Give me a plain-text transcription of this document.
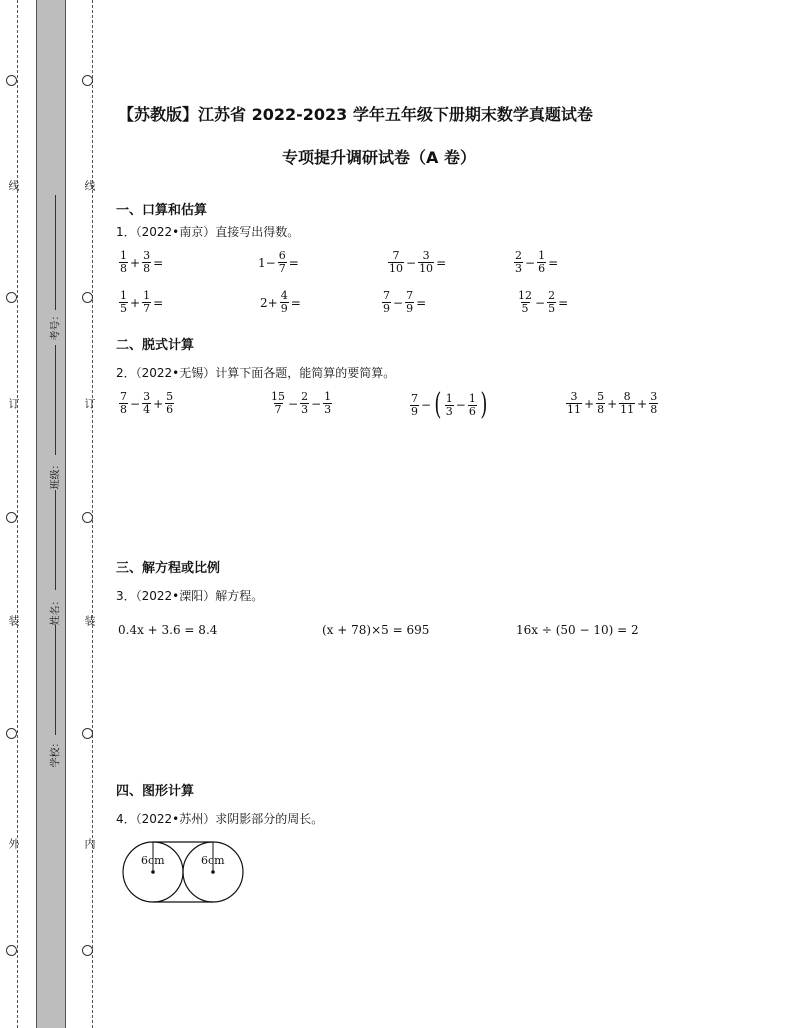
线
订
装
外
线
订
装
内
考号：
班级：
姓名：
学校：
【苏教版】江苏省 2022-2023 学年五年级下册期末数学真题试卷
专项提升调研试卷（A 卷）
一、口算和估算
1．（2022•南京）直接写出得数。
$\frac{1}{8} + \frac{3}{8}$ =	$1- \frac{6}{7}$ =	$\frac{7}{10} - \frac{3}{10}$ =	$\frac{2}{3} - \frac{1}{6}$ =
$\frac{1}{5} + \frac{1}{7}$ =	$2+ \frac{4}{9}$ =	$\frac{7}{9} - \frac{7}{9}$ =	$\frac{12}{5} - \frac{2}{5}$ =
二、脱式计算
2．（2022•无锡）计算下面各题，能简算的要简算。
$\frac{7}{8} - \frac{3}{4} + \frac{5}{6}$	$\frac{15}{7} - \frac{2}{3} - \frac{1}{3}$	$\frac{7}{9}$ − ( $\frac{1}{3} - \frac{1}{6}$ )	$\frac{3}{11} + \frac{5}{8} + \frac{8}{11} + \frac{3}{8}$
三、解方程或比例
3．（2022•溧阳）解方程。
0.4x + 3.6 = 8.4	(x + 78)×5 = 695	16x ÷ (50 − 10) = 2
四、图形计算
4．（2022•苏州）求阴影部分的周长。
6cm	6cm
